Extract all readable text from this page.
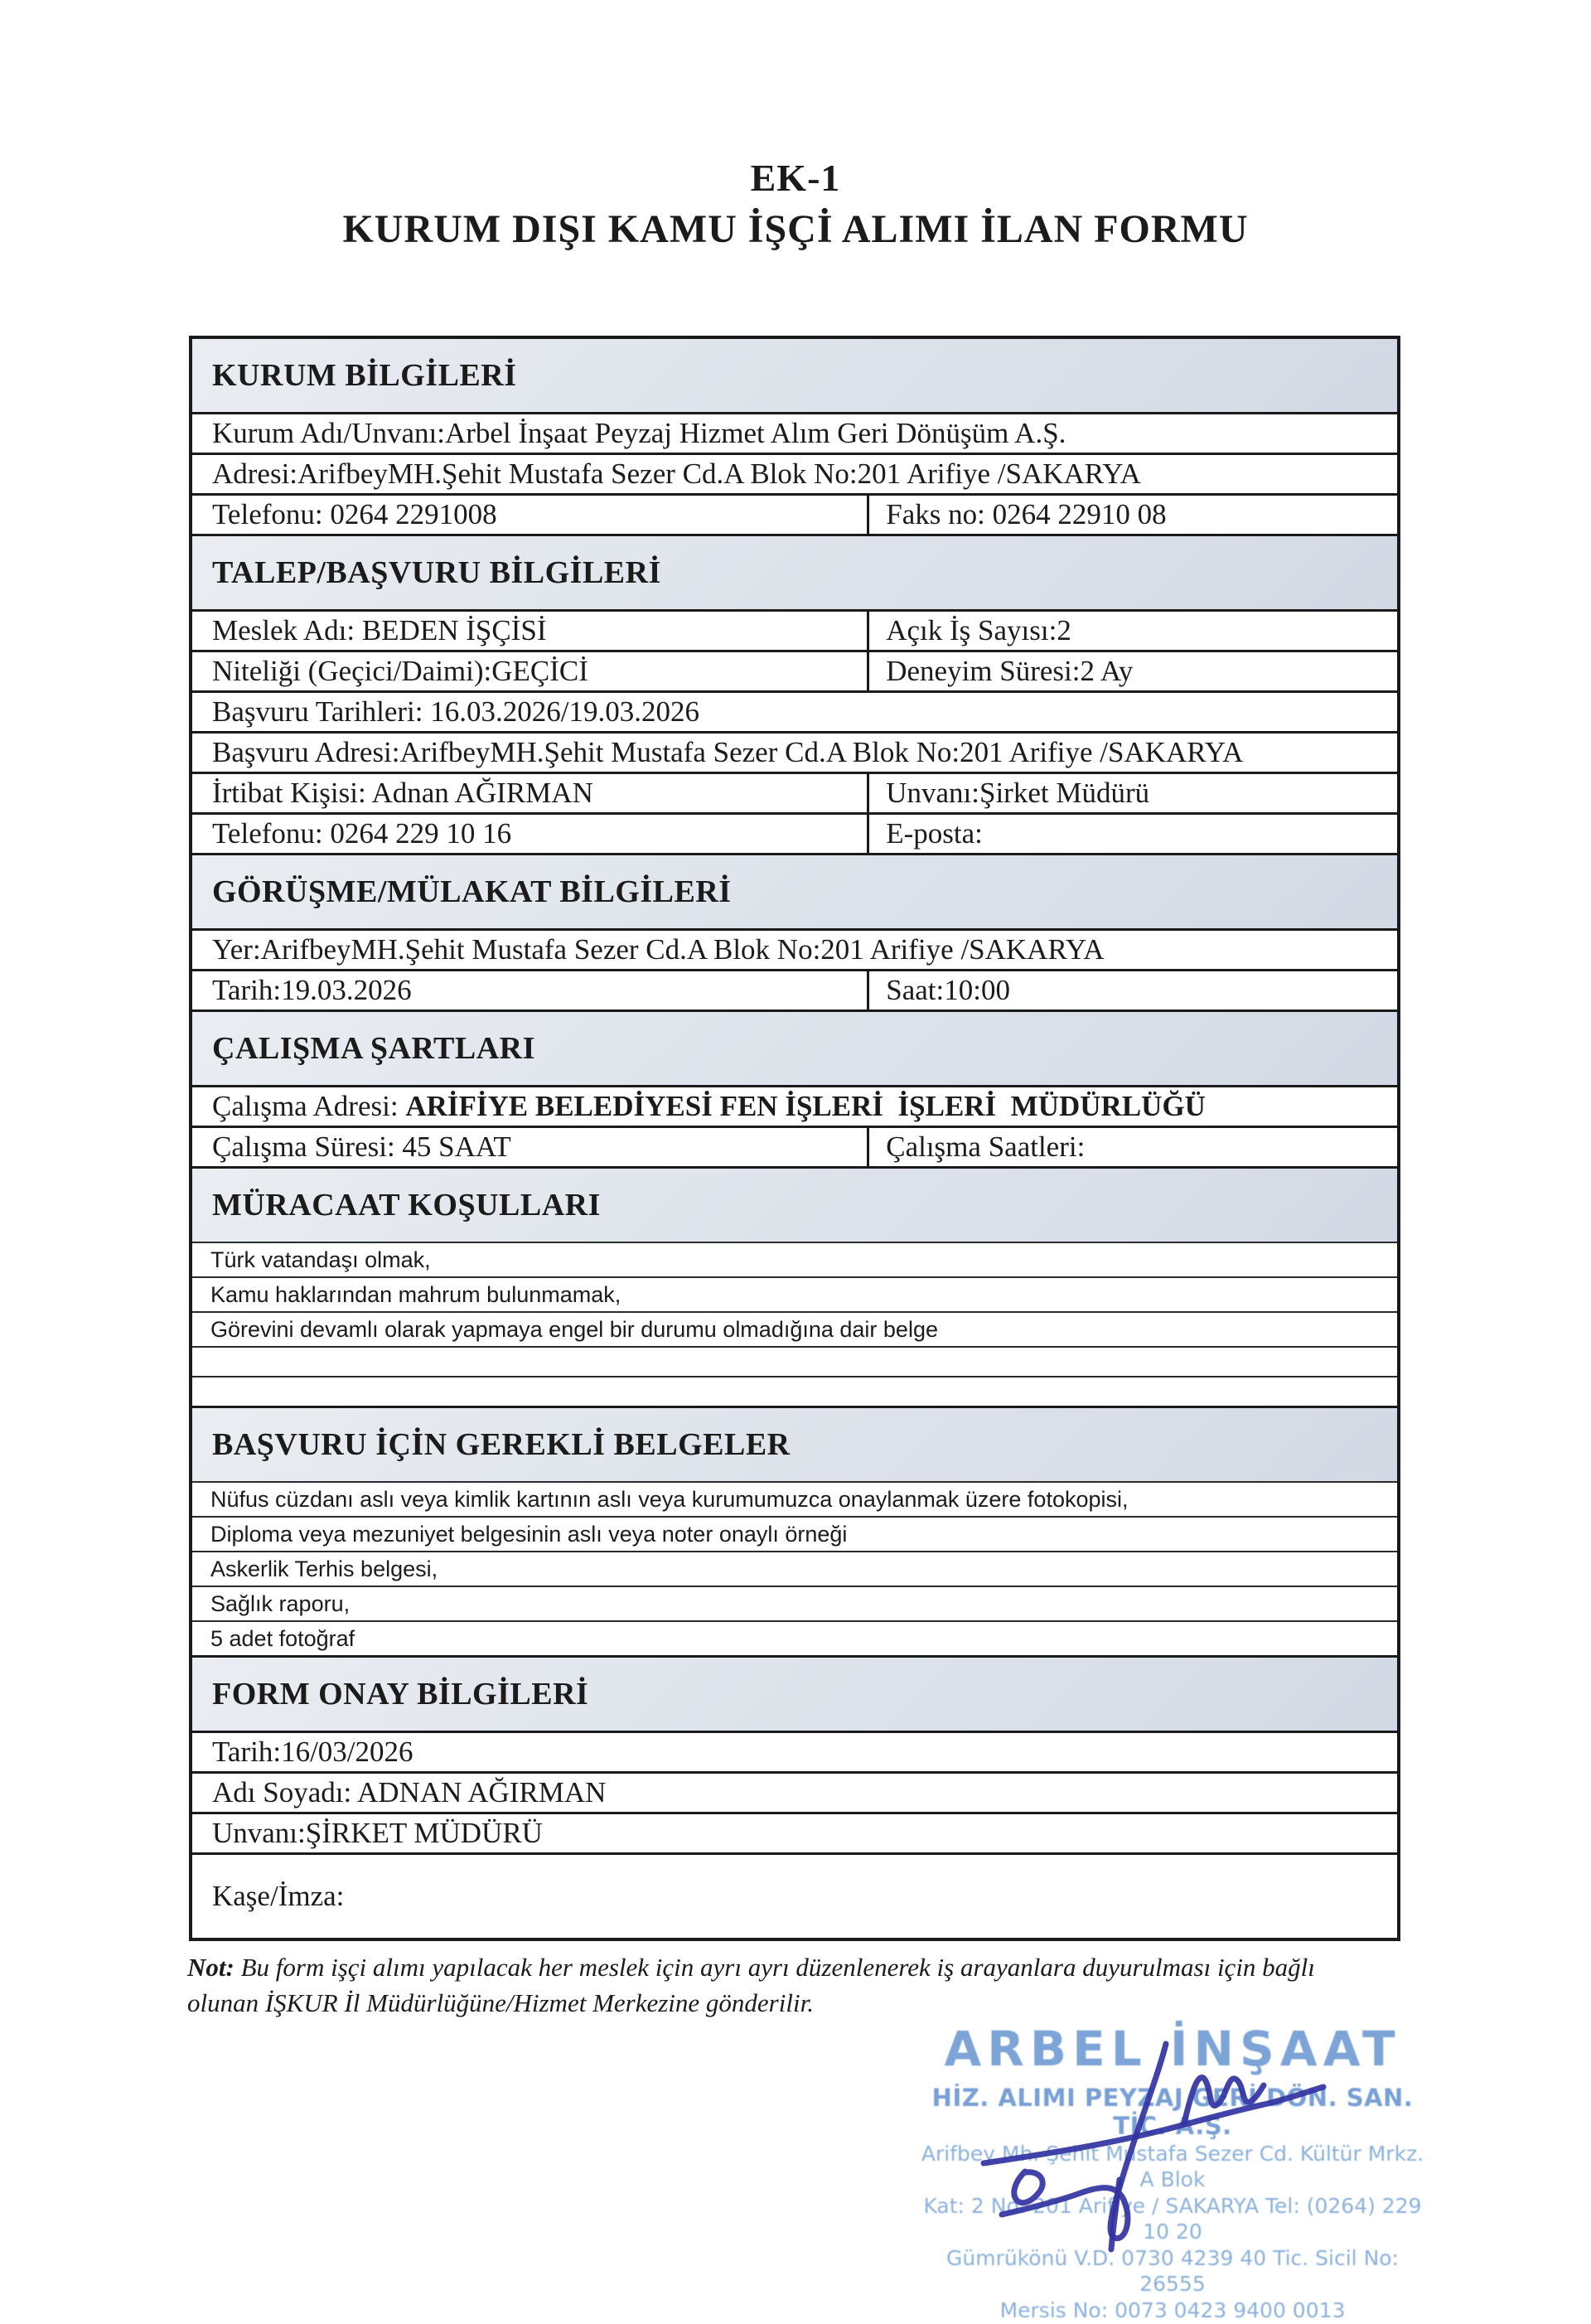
EK-1
KURUM DIŞI KAMU İŞÇİ ALIMI İLAN FORMU
KURUM BİLGİLERİ
Kurum Adı/Unvanı:Arbel İnşaat Peyzaj Hizmet Alım Geri Dönüşüm A.Ş.
Adresi:ArifbeyMH.Şehit Mustafa Sezer Cd.A Blok No:201 Arifiye /SAKARYA
Telefonu: 0264 2291008	Faks no: 0264 22910 08
TALEP/BAŞVURU BİLGİLERİ
Meslek Adı: BEDEN İŞÇİSİ	Açık İş Sayısı:2
Niteliği (Geçici/Daimi):GEÇİCİ	Deneyim Süresi:2 Ay
Başvuru Tarihleri: 16.03.2026/19.03.2026
Başvuru Adresi:ArifbeyMH.Şehit Mustafa Sezer Cd.A Blok No:201 Arifiye /SAKARYA
İrtibat Kişisi: Adnan AĞIRMAN	Unvanı:Şirket Müdürü
Telefonu: 0264 229 10 16	E-posta:
GÖRÜŞME/MÜLAKAT BİLGİLERİ
Yer:ArifbeyMH.Şehit Mustafa Sezer Cd.A Blok No:201 Arifiye /SAKARYA
Tarih:19.03.2026	Saat:10:00
ÇALIŞMA ŞARTLARI
Çalışma Adresi: ARİFİYE BELEDİYESİ FEN İŞLERİ  İŞLERİ  MÜDÜRLÜĞÜ
Çalışma Süresi: 45 SAAT	Çalışma Saatleri:
MÜRACAAT KOŞULLARI
Türk vatandaşı olmak,
Kamu haklarından mahrum bulunmamak,
Görevini devamlı olarak yapmaya engel bir durumu olmadığına dair belge
BAŞVURU İÇİN GEREKLİ BELGELER
Nüfus cüzdanı aslı veya kimlik kartının aslı veya kurumumuzca onaylanmak üzere fotokopisi,
Diploma veya mezuniyet belgesinin aslı veya noter onaylı örneği
Askerlik Terhis belgesi,
Sağlık raporu,
5 adet fotoğraf
FORM ONAY BİLGİLERİ
Tarih:16/03/2026
Adı Soyadı: ADNAN AĞIRMAN
Unvanı:ŞİRKET MÜDÜRÜ
Kaşe/İmza:
Not: Bu form işçi alımı yapılacak her meslek için ayrı ayrı düzenlenerek iş arayanlara duyurulması için bağlı
olunan İŞKUR İl Müdürlüğüne/Hizmet Merkezine gönderilir.
ARBEL İNŞAAT
HİZ. ALIMI PEYZAJ GERİ DÖN. SAN. TİC. A.Ş.
Arifbey Mh. Şehit Mustafa Sezer Cd. Kültür Mrkz. A Blok
Kat: 2 No: 201 Arifiye / SAKARYA Tel: (0264) 229 10 20
Gümrükönü V.D. 0730 4239 40 Tic. Sicil No: 26555
Mersis No: 0073 0423 9400 0013
